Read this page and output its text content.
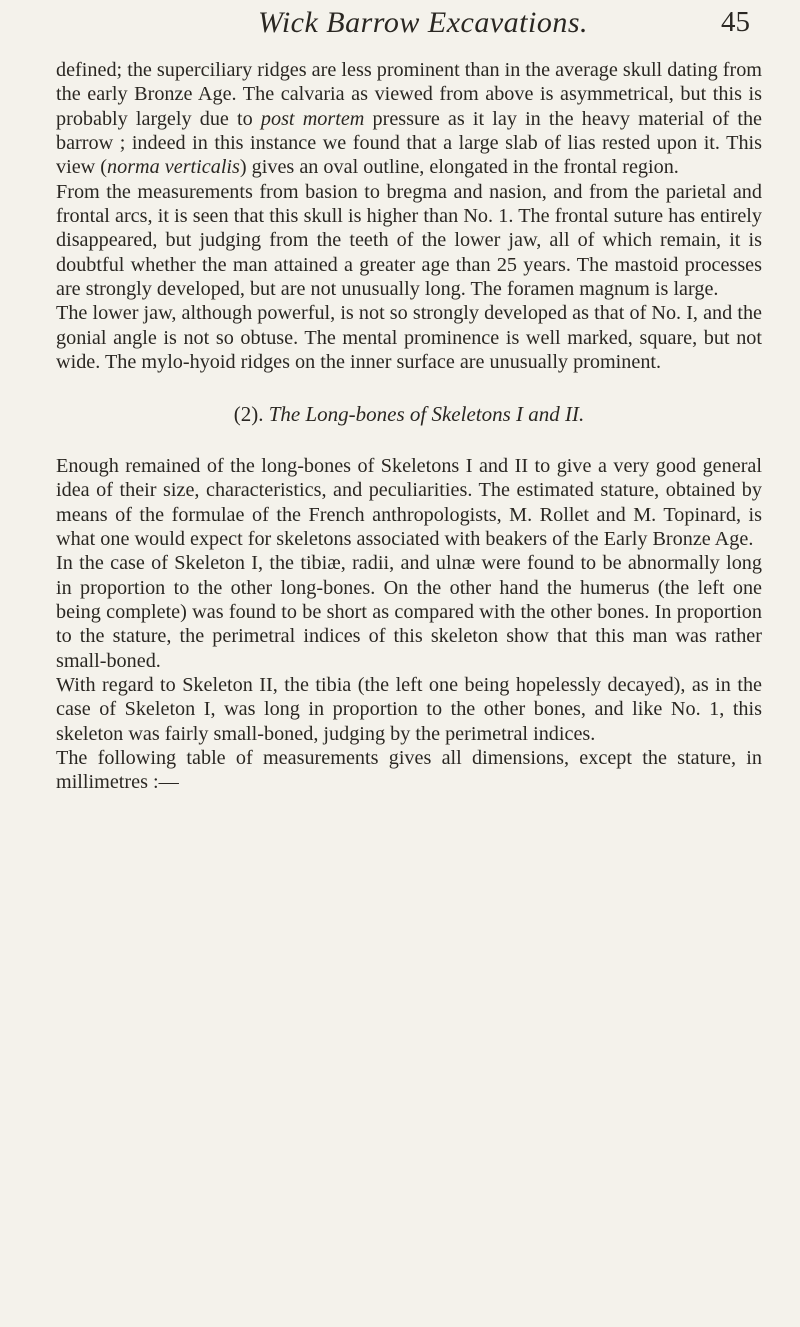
Wick Barrow Excavations.	45

defined; the superciliary ridges are less prominent than in the average skull dating from the early Bronze Age. The calvaria as viewed from above is asymmetrical, but this is probably largely due to post mortem pressure as it lay in the heavy material of the barrow ; indeed in this instance we found that a large slab of lias rested upon it. This view (norma verticalis) gives an oval outline, elongated in the frontal region.

From the measurements from basion to bregma and nasion, and from the parietal and frontal arcs, it is seen that this skull is higher than No. 1. The frontal suture has entirely disappeared, but judging from the teeth of the lower jaw, all of which remain, it is doubtful whether the man attained a greater age than 25 years. The mastoid processes are strongly developed, but are not unusually long. The foramen magnum is large.

The lower jaw, although powerful, is not so strongly developed as that of No. I, and the gonial angle is not so obtuse. The mental prominence is well marked, square, but not wide. The mylo-hyoid ridges on the inner surface are unusually prominent.

(2). The Long-bones of Skeletons I and II.

Enough remained of the long-bones of Skeletons I and II to give a very good general idea of their size, characteristics, and peculiarities. The estimated stature, obtained by means of the formulae of the French anthropologists, M. Rollet and M. Topinard, is what one would expect for skeletons associated with beakers of the Early Bronze Age.

In the case of Skeleton I, the tibiæ, radii, and ulnæ were found to be abnormally long in proportion to the other long-bones. On the other hand the humerus (the left one being complete) was found to be short as compared with the other bones. In proportion to the stature, the perimetral indices of this skeleton show that this man was rather small-boned.

With regard to Skeleton II, the tibia (the left one being hopelessly decayed), as in the case of Skeleton I, was long in proportion to the other bones, and like No. 1, this skeleton was fairly small-boned, judging by the perimetral indices.

The following table of measurements gives all dimensions, except the stature, in millimetres :—
